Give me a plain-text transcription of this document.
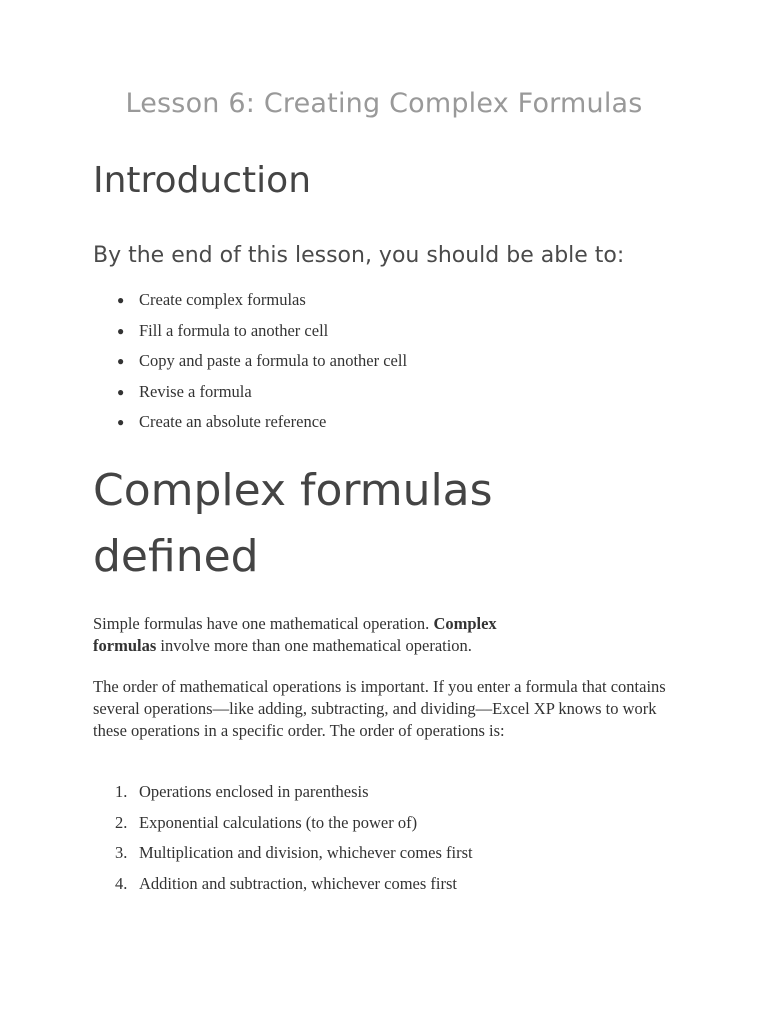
Lesson 6: Creating Complex Formulas
Introduction

By the end of this lesson, you should be able to:

● Create complex formulas
● Fill a formula to another cell
● Copy and paste a formula to another cell
● Revise a formula
● Create an absolute reference
Complex formulas defined

Simple formulas have one mathematical operation. Complex formulas involve more than one mathematical operation.

The order of mathematical operations is important. If you enter a formula that contains several operations—like adding, subtracting, and dividing—Excel XP knows to work these operations in a specific order. The order of operations is:

1. Operations enclosed in parenthesis
2. Exponential calculations (to the power of)
3. Multiplication and division, whichever comes first
4. Addition and subtraction, whichever comes first
